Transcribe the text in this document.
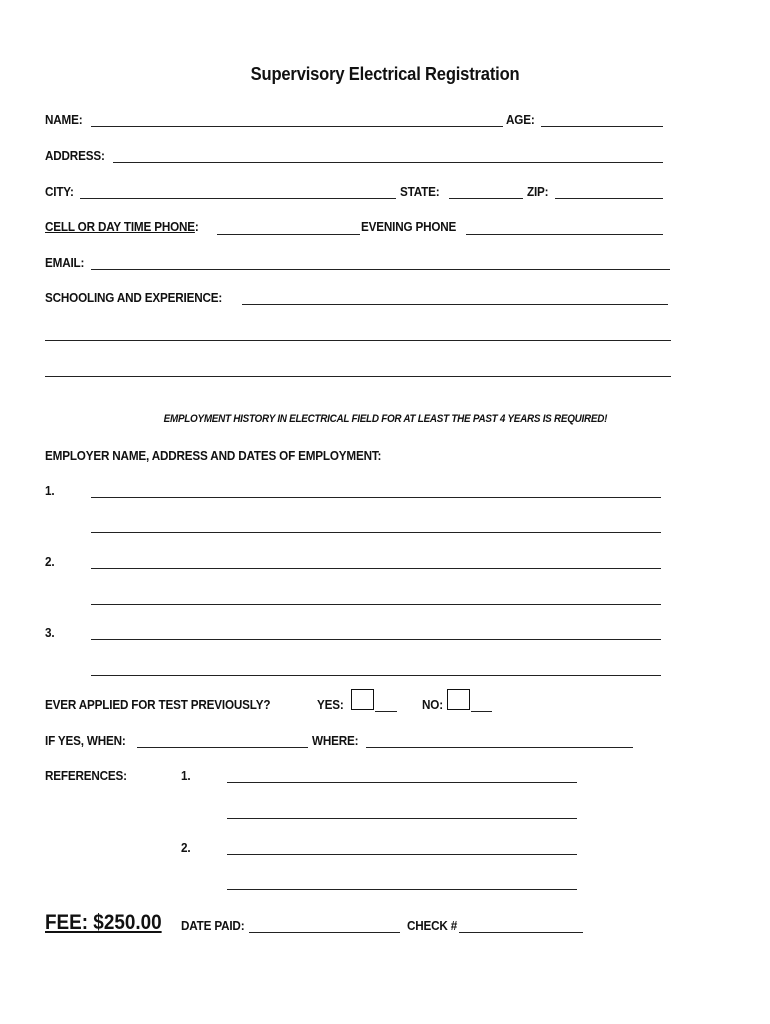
Supervisory Electrical Registration
NAME:	AGE:
ADDRESS:
CITY:	STATE:	ZIP:
CELL OR DAY TIME PHONE:	EVENING PHONE
EMAIL:
SCHOOLING AND EXPERIENCE:
EMPLOYMENT HISTORY IN ELECTRICAL FIELD FOR AT LEAST THE PAST 4 YEARS IS REQUIRED!
EMPLOYER NAME, ADDRESS AND DATES OF EMPLOYMENT:
1.
2.
3.
EVER APPLIED FOR TEST PREVIOUSLY?	YES:	NO:
IF YES, WHEN:	WHERE:
REFERENCES:	1.
2.
FEE: $250.00 DATE PAID:	CHECK #
